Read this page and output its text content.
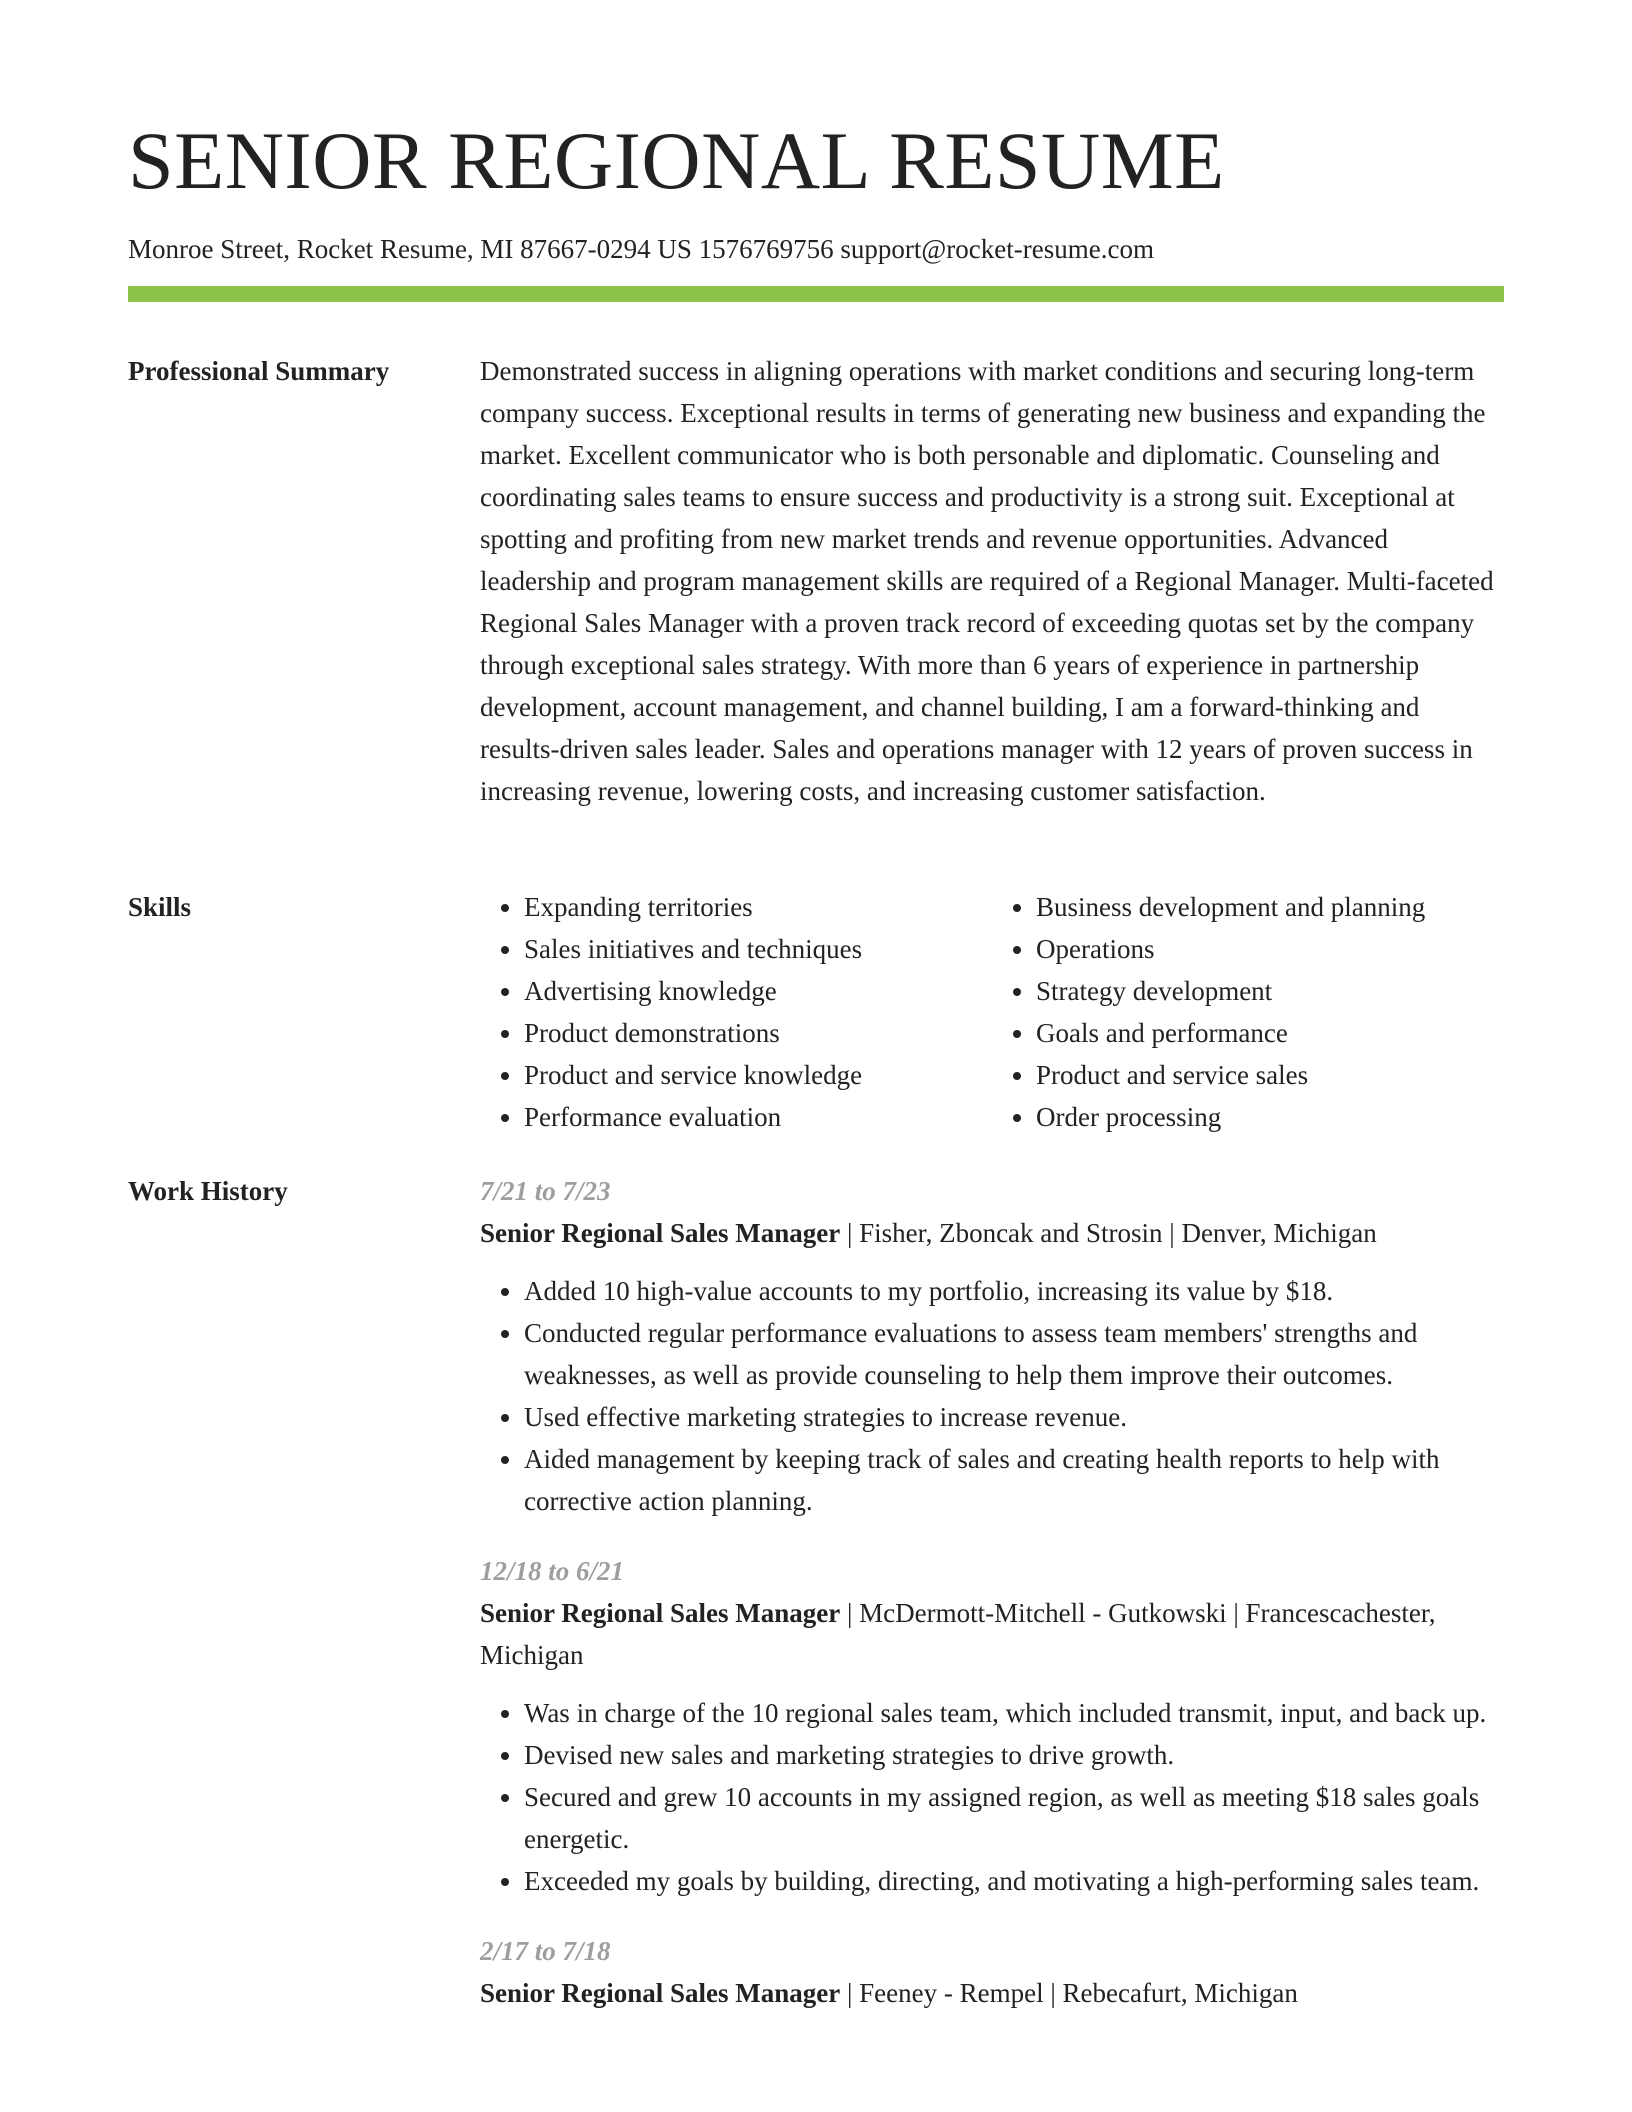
SENIOR REGIONAL RESUME
Monroe Street, Rocket Resume, MI 87667-0294 US 1576769756 support@rocket-resume.com
Professional Summary	Demonstrated success in aligning operations with market conditions and securing long-term company success. Exceptional results in terms of generating new business and expanding the market. Excellent communicator who is both personable and diplomatic. Counseling and coordinating sales teams to ensure success and productivity is a strong suit. Exceptional at spotting and profiting from new market trends and revenue opportunities. Advanced leadership and program management skills are required of a Regional Manager. Multi-faceted Regional Sales Manager with a proven track record of exceeding quotas set by the company through exceptional sales strategy. With more than 6 years of experience in partnership development, account management, and channel building, I am a forward-thinking and results-driven sales leader. Sales and operations manager with 12 years of proven success in increasing revenue, lowering costs, and increasing customer satisfaction.

Skills
•	Expanding territories
• Sales initiatives and techniques
• Advertising knowledge
• Product demonstrations
• Product and service knowledge
• Performance evaluation
• Business development and planning
• Operations
• Strategy development
• Goals and performance
• Product and service sales
• Order processing
Work History	7/21 to 7/23

Senior Regional Sales Manager | Fisher, Zboncak and Strosin | Denver, Michigan

• Added 10 high-value accounts to my portfolio, increasing its value by $18.
• Conducted regular performance evaluations to assess team members' strengths and weaknesses, as well as provide counseling to help them improve their outcomes.
• Used effective marketing strategies to increase revenue.
• Aided management by keeping track of sales and creating health reports to help with corrective action planning.
12/18 to 6/21

Senior Regional Sales Manager | McDermott-Mitchell - Gutkowski | Francescachester, Michigan

• Was in charge of the 10 regional sales team, which included transmit, input, and back up.
• Devised new sales and marketing strategies to drive growth.
• Secured and grew 10 accounts in my assigned region, as well as meeting $18 sales goals energetic.
• Exceeded my goals by building, directing, and motivating a high-performing sales team.
2/17 to 7/18

Senior Regional Sales Manager | Feeney - Rempel | Rebecafurt, Michigan
